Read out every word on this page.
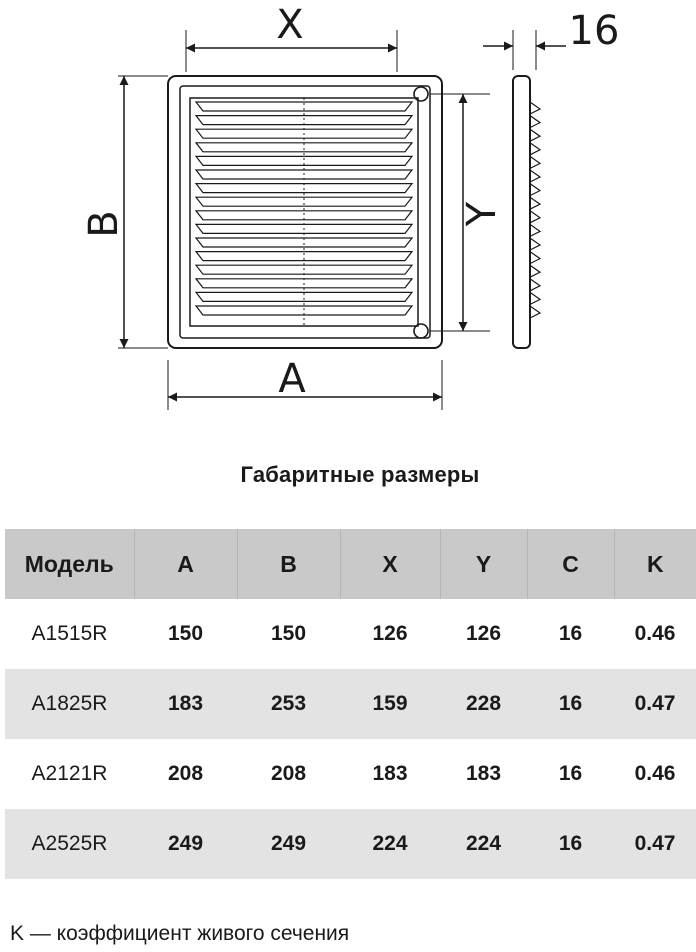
X
A
B	Y
16
Габаритные размеры
Модель	A	B	X	Y	C	K
A1515R	150	150	126	126	16	0.46
A1825R	183	253	159	228	16	0.47
A2121R	208	208	183	183	16	0.46
A2525R	249	249	224	224	16	0.47
K — коэффициент живого сечения
